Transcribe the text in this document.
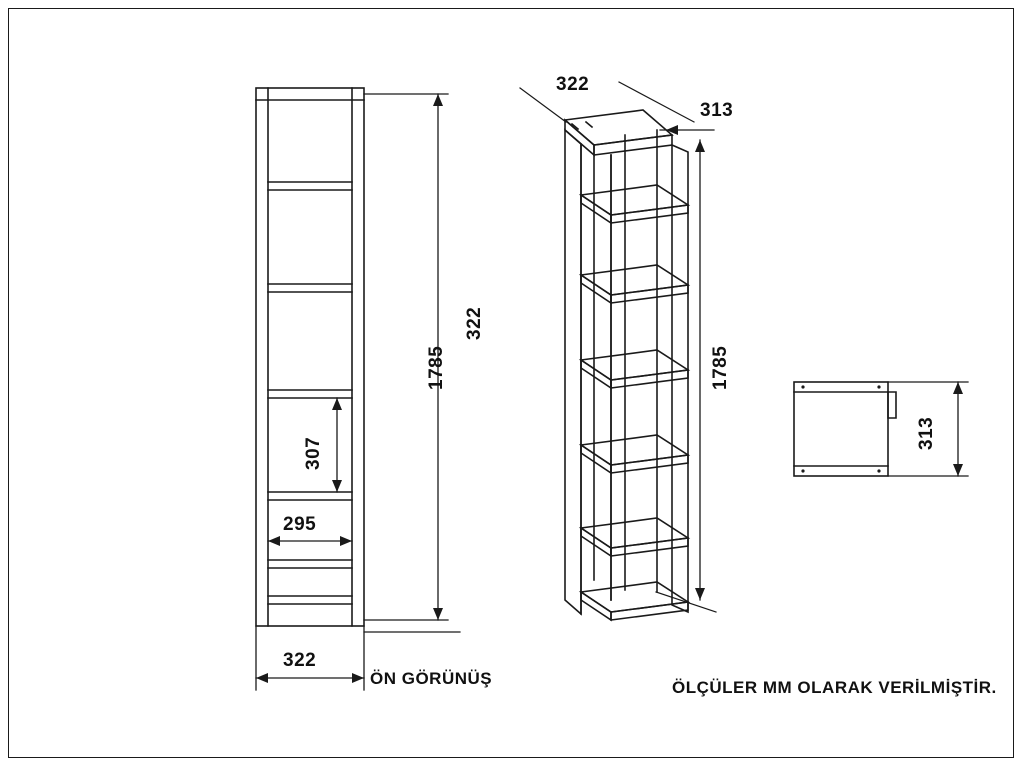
1785
322
307
295
322
ÖN GÖRÜNÜŞ
322
313
1785
313
ÖLÇÜLER MM OLARAK VERİLMİŞTİR.
